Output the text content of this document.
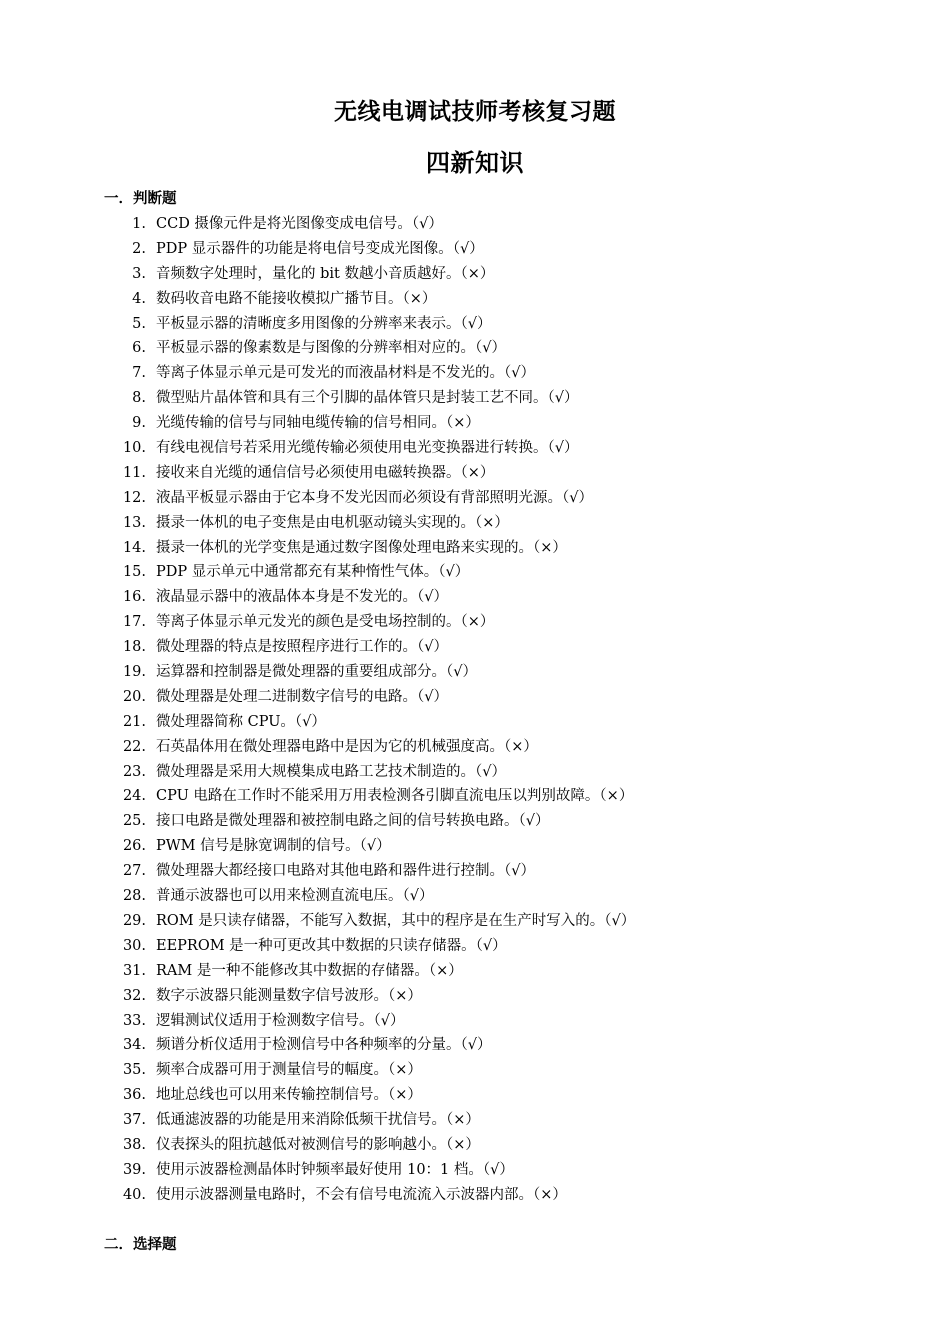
无线电调试技师考核复习题
四新知识
一．判断题
1. CCD 摄像元件是将光图像变成电信号。（√）
2. PDP 显示器件的功能是将电信号变成光图像。（√）
3. 音频数字处理时，量化的 bit 数越小音质越好。（×）
4. 数码收音电路不能接收模拟广播节目。（×）
5. 平板显示器的清晰度多用图像的分辨率来表示。（√）
6. 平板显示器的像素数是与图像的分辨率相对应的。（√）
7. 等离子体显示单元是可发光的而液晶材料是不发光的。（√）
8. 微型贴片晶体管和具有三个引脚的晶体管只是封装工艺不同。（√）
9. 光缆传输的信号与同轴电缆传输的信号相同。（×）
10. 有线电视信号若采用光缆传输必须使用电光变换器进行转换。（√）
11. 接收来自光缆的通信信号必须使用电磁转换器。（×）
12. 液晶平板显示器由于它本身不发光因而必须设有背部照明光源。（√）
13. 摄录一体机的电子变焦是由电机驱动镜头实现的。（×）
14. 摄录一体机的光学变焦是通过数字图像处理电路来实现的。（×）
15. PDP 显示单元中通常都充有某种惰性气体。（√）
16. 液晶显示器中的液晶体本身是不发光的。（√）
17. 等离子体显示单元发光的颜色是受电场控制的。（×）
18. 微处理器的特点是按照程序进行工作的。（√）
19. 运算器和控制器是微处理器的重要组成部分。（√）
20. 微处理器是处理二进制数字信号的电路。（√）
21. 微处理器简称 CPU。（√）
22. 石英晶体用在微处理器电路中是因为它的机械强度高。（×）
23. 微处理器是采用大规模集成电路工艺技术制造的。（√）
24. CPU 电路在工作时不能采用万用表检测各引脚直流电压以判别故障。（×）
25. 接口电路是微处理器和被控制电路之间的信号转换电路。（√）
26. PWM 信号是脉宽调制的信号。（√）
27. 微处理器大都经接口电路对其他电路和器件进行控制。（√）
28. 普通示波器也可以用来检测直流电压。（√）
29. ROM 是只读存储器，不能写入数据，其中的程序是在生产时写入的。（√）
30. EEPROM 是一种可更改其中数据的只读存储器。（√）
31. RAM 是一种不能修改其中数据的存储器。（×）
32. 数字示波器只能测量数字信号波形。（×）
33. 逻辑测试仪适用于检测数字信号。（√）
34. 频谱分析仪适用于检测信号中各种频率的分量。（√）
35. 频率合成器可用于测量信号的幅度。（×）
36. 地址总线也可以用来传输控制信号。（×）
37. 低通滤波器的功能是用来消除低频干扰信号。（×）
38. 仪表探头的阻抗越低对被测信号的影响越小。（×）
39. 使用示波器检测晶体时钟频率最好使用 10：1 档。（√）
40. 使用示波器测量电路时，不会有信号电流流入示波器内部。（×）
二．选择题
